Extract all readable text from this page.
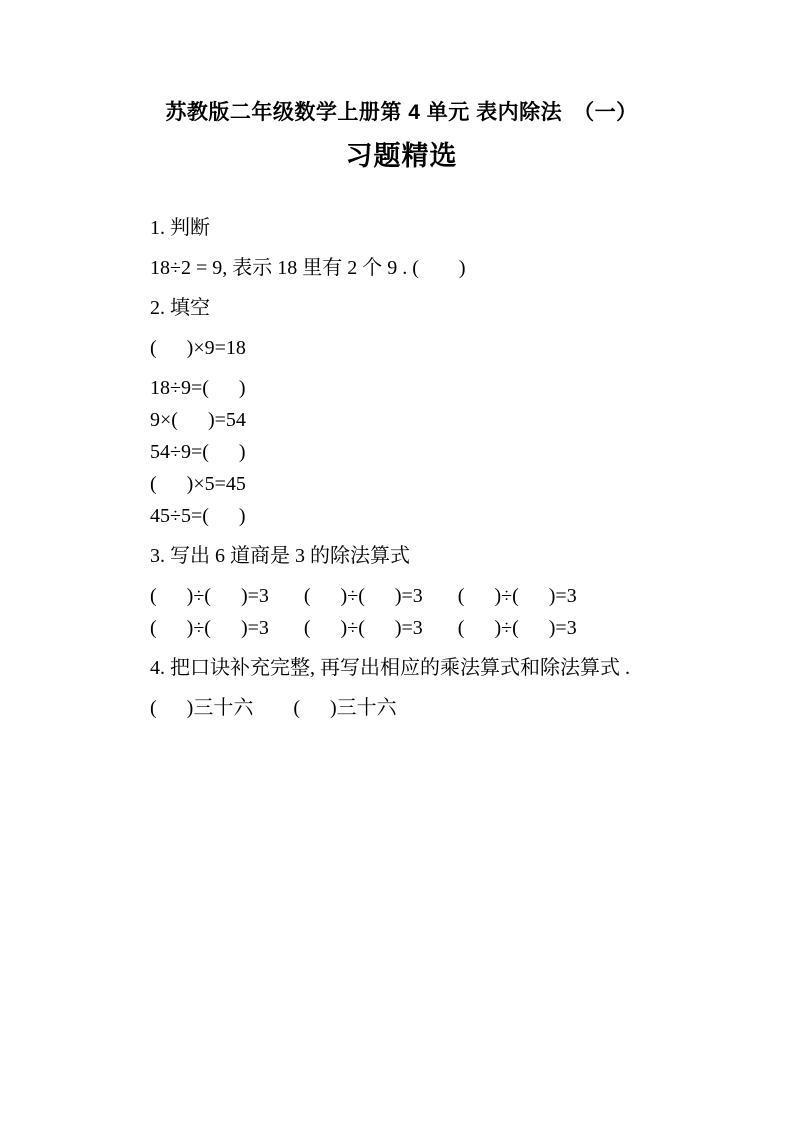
苏教版二年级数学上册第 4 单元 表内除法　（一）
习题精选
1. 判断
18÷2 = 9, 表示 18 里有 2 个 9 . (        )
2. 填空
(      )×9=18
18÷9=(      )
9×(      )=54
54÷9=(      )
(      )×5=45
45÷5=(      )
3. 写出 6 道商是 3 的除法算式
(      )÷(      )=3       (      )÷(      )=3       (      )÷(      )=3
(      )÷(      )=3       (      )÷(      )=3       (      )÷(      )=3
4. 把口诀补充完整, 再写出相应的乘法算式和除法算式 .
(      )三十六        (      )三十六
